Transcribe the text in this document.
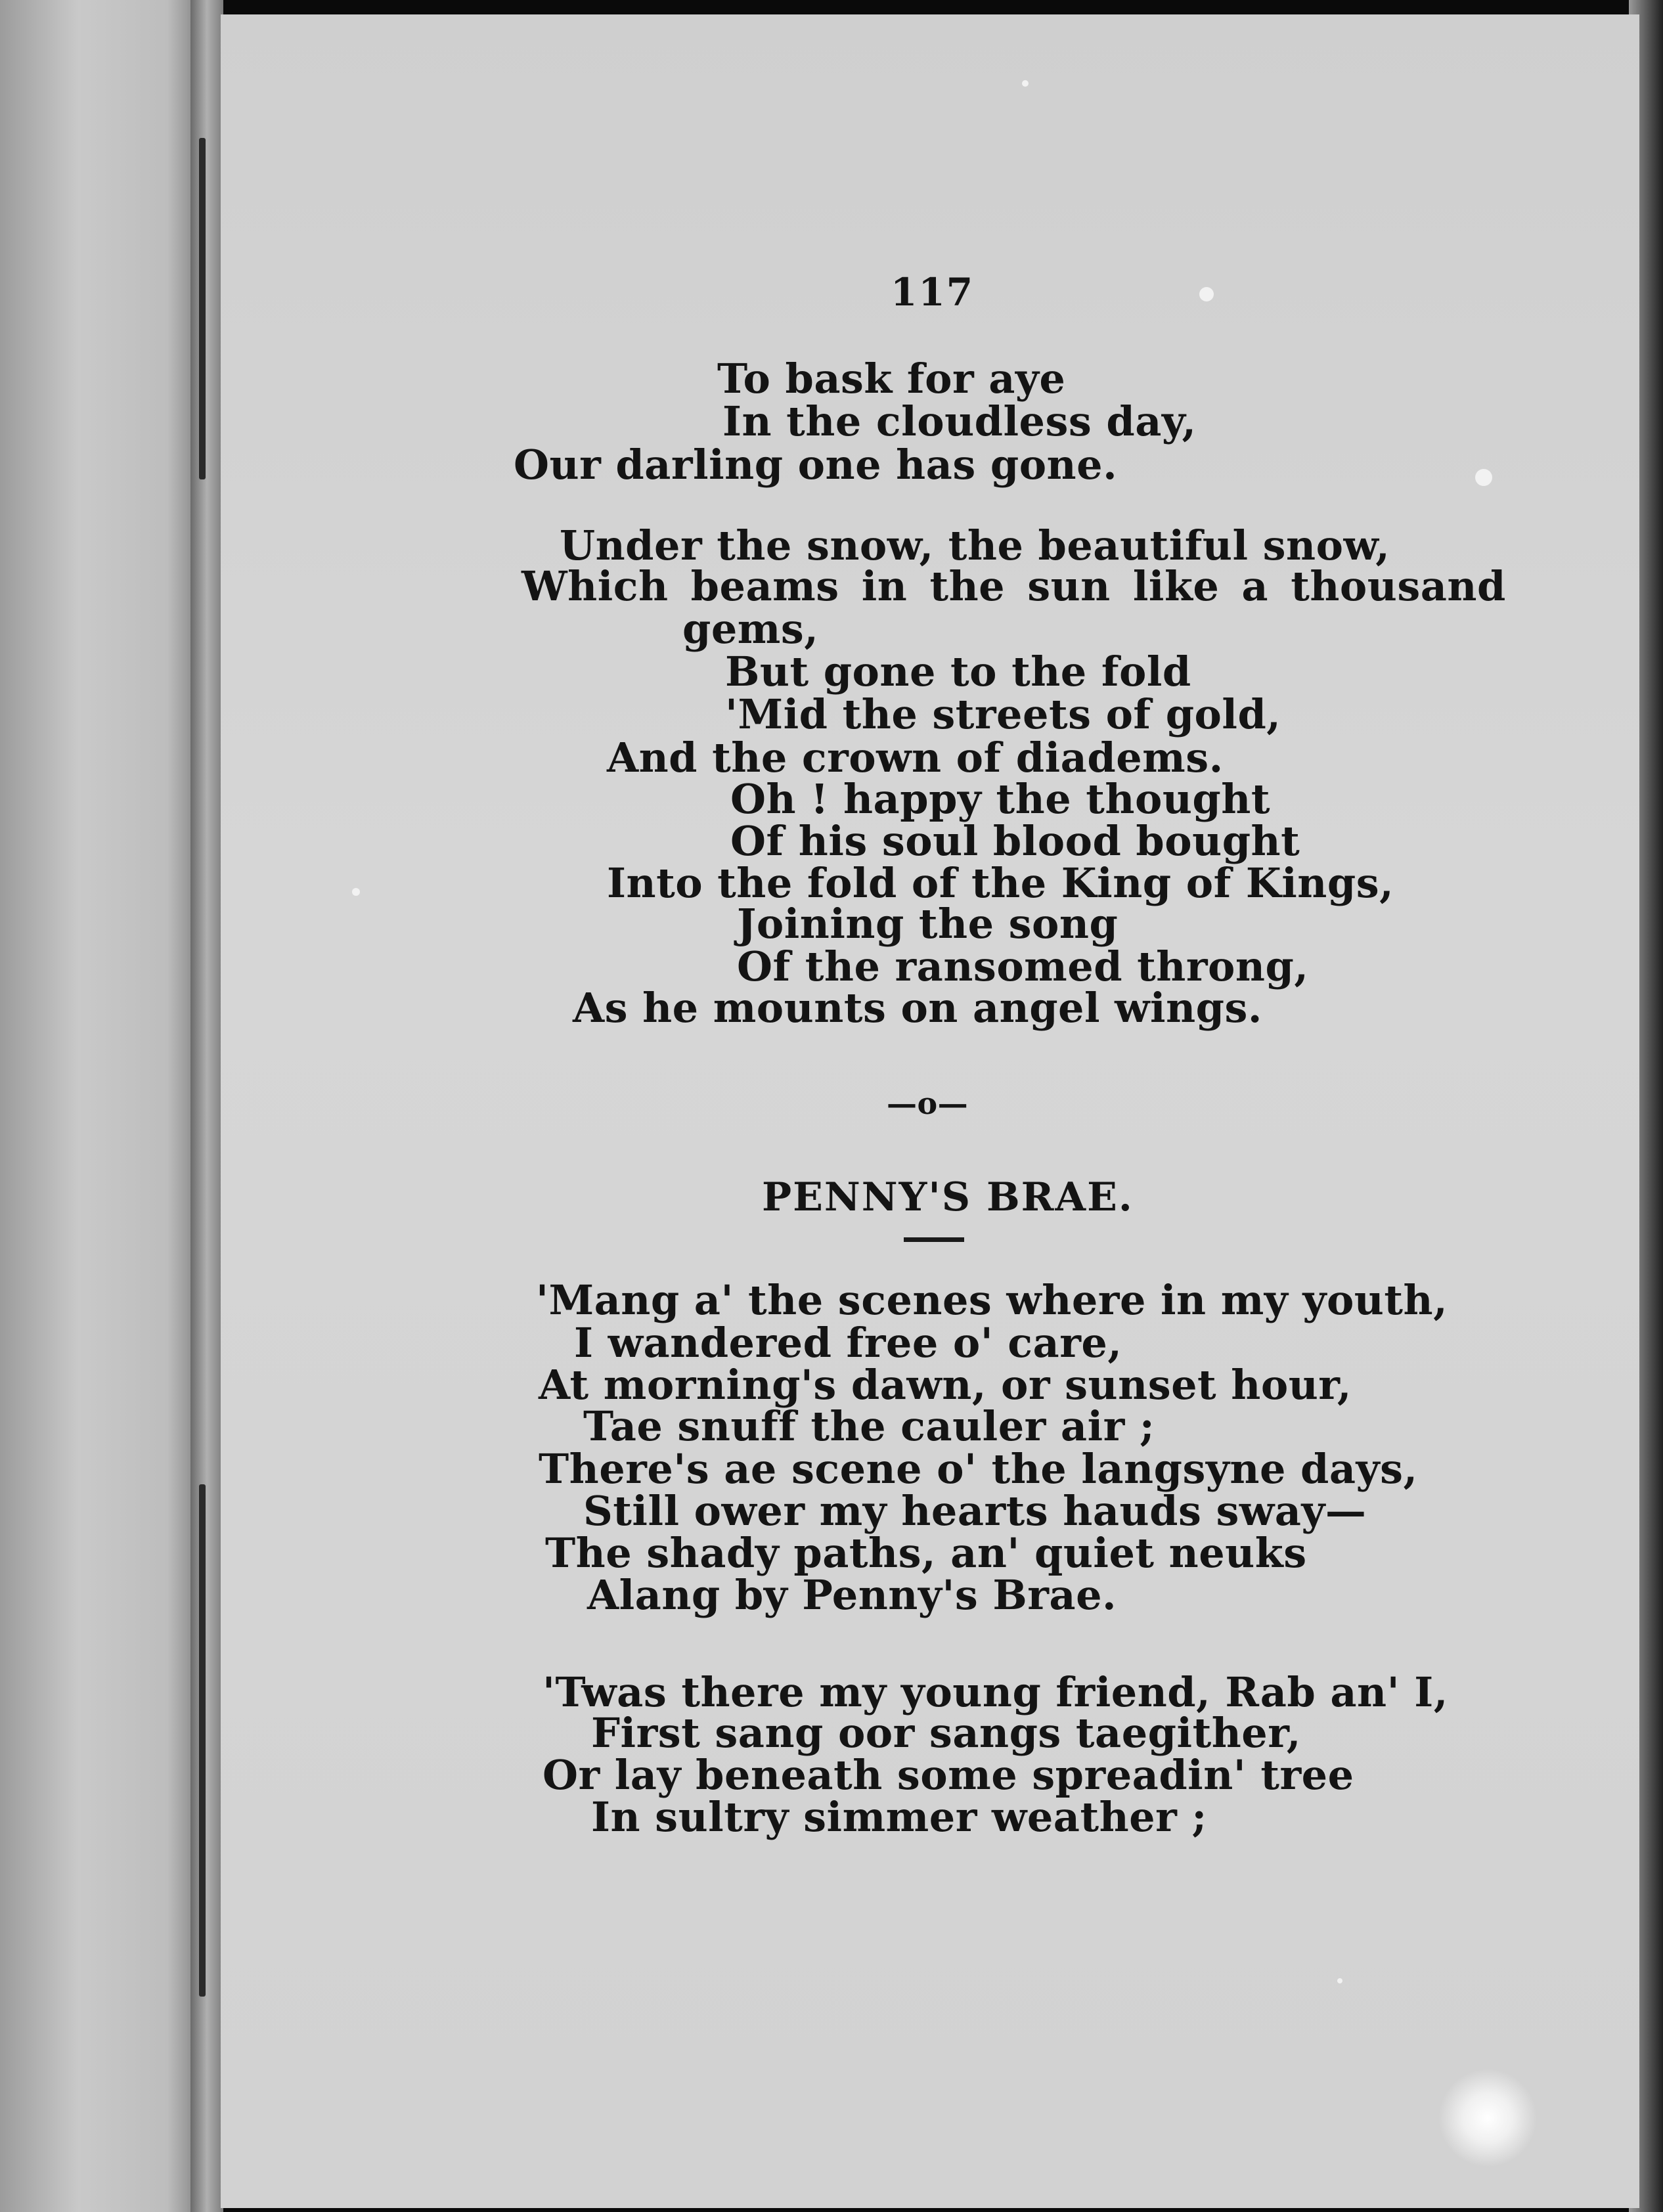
117
To bask for aye
In the cloudless day,
Our darling one has gone.
Under the snow, the beautiful snow,
Which beams in the sun like a thousand
gems,
But gone to the fold
'Mid the streets of gold,
And the crown of diadems.
Oh ! happy the thought
Of his soul blood bought
Into the fold of the King of Kings,
Joining the song
Of the ransomed throng,
As he mounts on angel wings.
—o—
PENNY'S BRAE.
'Mang a' the scenes where in my youth,
I wandered free o' care,
At morning's dawn, or sunset hour,
Tae snuff the cauler air ;
There's ae scene o' the langsyne days,
Still ower my hearts hauds sway—
The shady paths, an' quiet neuks
Alang by Penny's Brae.
'Twas there my young friend, Rab an' I,
First sang oor sangs taegither,
Or lay beneath some spreadin' tree
In sultry simmer weather ;
